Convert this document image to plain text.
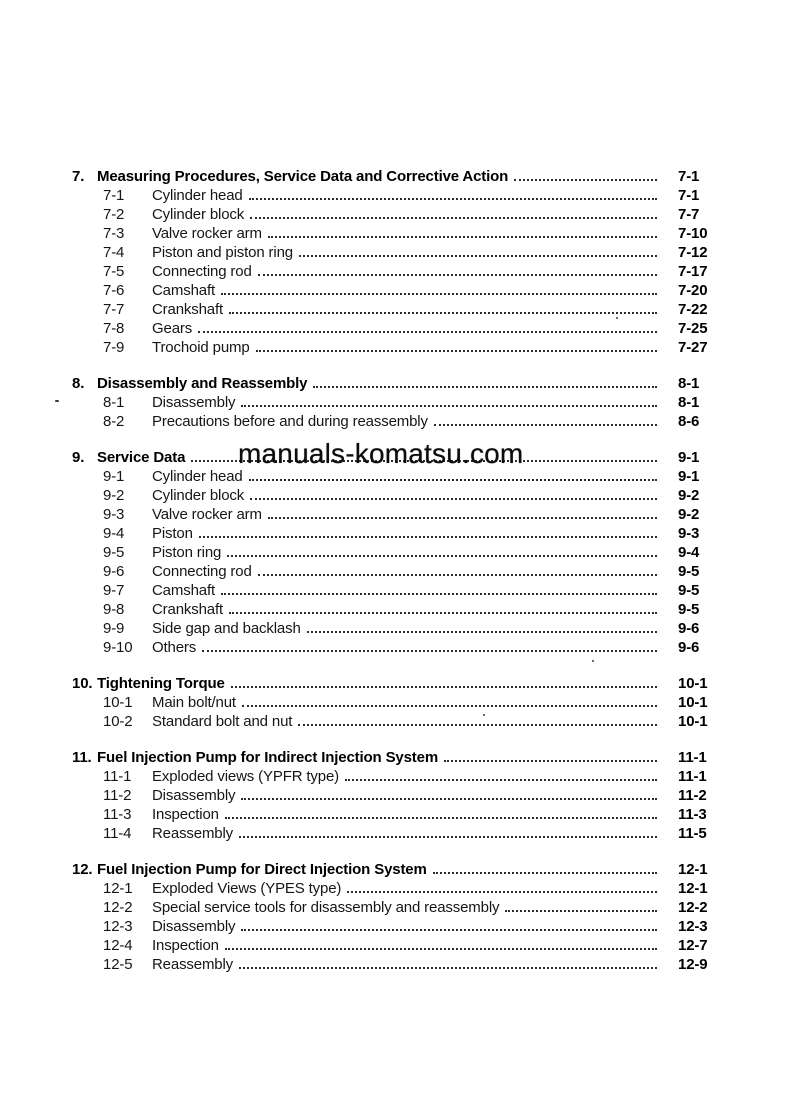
manuals-komatsu.com
7. Measuring Procedures, Service Data and Corrective Action	7-1
7-1	Cylinder head	7-1
7-2	Cylinder block	7-7
7-3	Valve rocker arm	7-10
7-4	Piston and piston ring	7-12
7-5	Connecting rod	7-17
7-6	Camshaft	7-20
7-7	Crankshaft	7-22
7-8	Gears	7-25
7-9	Trochoid pump	7-27
8. Disassembly and Reassembly	8-1
8-1	Disassembly	8-1
8-2	Precautions before and during reassembly	8-6
9. Service Data	9-1
9-1	Cylinder head	9-1
9-2	Cylinder block	9-2
9-3	Valve rocker arm	9-2
9-4	Piston	9-3
9-5	Piston ring	9-4
9-6	Connecting rod	9-5
9-7	Camshaft	9-5
9-8	Crankshaft	9-5
9-9	Side gap and backlash	9-6
9-10	Others	9-6
10. Tightening Torque	10-1
10-1	Main bolt/nut	10-1
10-2	Standard bolt and nut	10-1
11. Fuel Injection Pump for Indirect Injection System	11-1
11-1	Exploded views (YPFR type)	11-1
11-2	Disassembly	11-2
11-3	Inspection	11-3
11-4	Reassembly	11-5
12. Fuel Injection Pump for Direct Injection System	12-1
12-1	Exploded Views (YPES type)	12-1
12-2	Special service tools for disassembly and reassembly	12-2
12-3	Disassembly	12-3
12-4	Inspection	12-7
12-5	Reassembly	12-9
